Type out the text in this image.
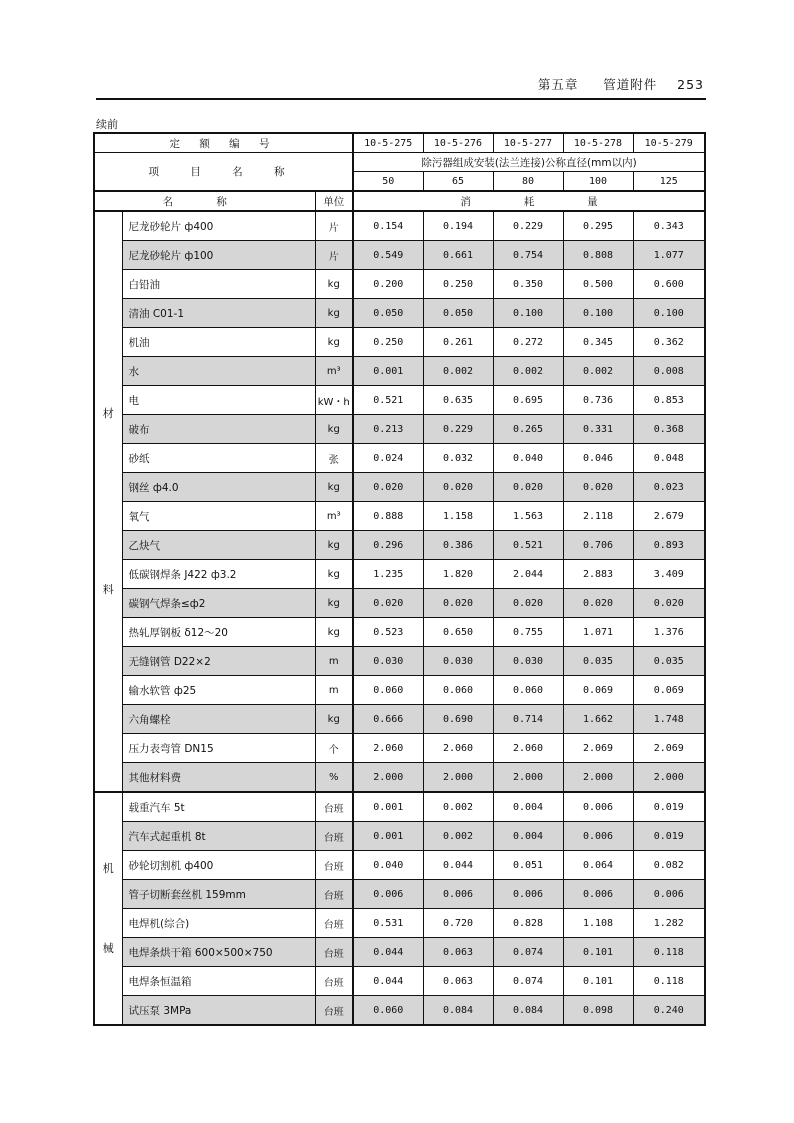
第五章 管道附件 253
续前
定 额 编 号			10-5-275	10-5-276	10-5-277	10-5-278	10-5-279
项 目 名 称			除污器组成安装(法兰连接)公称直径(mm以内)				
			50	65	80	100	125
名 称		单位	消 耗 量				

材
料	尼龙砂轮片 ф400	片	0.154	0.194	0.229	0.295	0.343
	尼龙砂轮片 ф100	片	0.549	0.661	0.754	0.808	1.077
	白铅油	kg	0.200	0.250	0.350	0.500	0.600
	清油 C01-1	kg	0.050	0.050	0.100	0.100	0.100
	机油	kg	0.250	0.261	0.272	0.345	0.362
	水	m³	0.001	0.002	0.002	0.002	0.008
	电	kW・h	0.521	0.635	0.695	0.736	0.853
	破布	kg	0.213	0.229	0.265	0.331	0.368
	砂纸	张	0.024	0.032	0.040	0.046	0.048
	钢丝 ф4.0	kg	0.020	0.020	0.020	0.020	0.023
	氧气	m³	0.888	1.158	1.563	2.118	2.679
	乙炔气	kg	0.296	0.386	0.521	0.706	0.893
	低碳钢焊条 J422 ф3.2	kg	1.235	1.820	2.044	2.883	3.409
	碳钢气焊条≤ф2	kg	0.020	0.020	0.020	0.020	0.020
	热轧厚钢板 δ12～20	kg	0.523	0.650	0.755	1.071	1.376
	无缝钢管 D22×2	m	0.030	0.030	0.030	0.035	0.035
	输水软管 ф25	m	0.060	0.060	0.060	0.069	0.069
	六角螺栓	kg	0.666	0.690	0.714	1.662	1.748
	压力表弯管 DN15	个	2.060	2.060	2.060	2.069	2.069
	其他材料费	%	2.000	2.000	2.000	2.000	2.000

机
械	载重汽车 5t	台班	0.001	0.002	0.004	0.006	0.019
	汽车式起重机 8t	台班	0.001	0.002	0.004	0.006	0.019
	砂轮切割机 ф400	台班	0.040	0.044	0.051	0.064	0.082
	管子切断套丝机 159mm	台班	0.006	0.006	0.006	0.006	0.006
	电焊机(综合)	台班	0.531	0.720	0.828	1.108	1.282
	电焊条烘干箱 600×500×750	台班	0.044	0.063	0.074	0.101	0.118
	电焊条恒温箱	台班	0.044	0.063	0.074	0.101	0.118
	试压泵 3MPa	台班	0.060	0.084	0.084	0.098	0.240
